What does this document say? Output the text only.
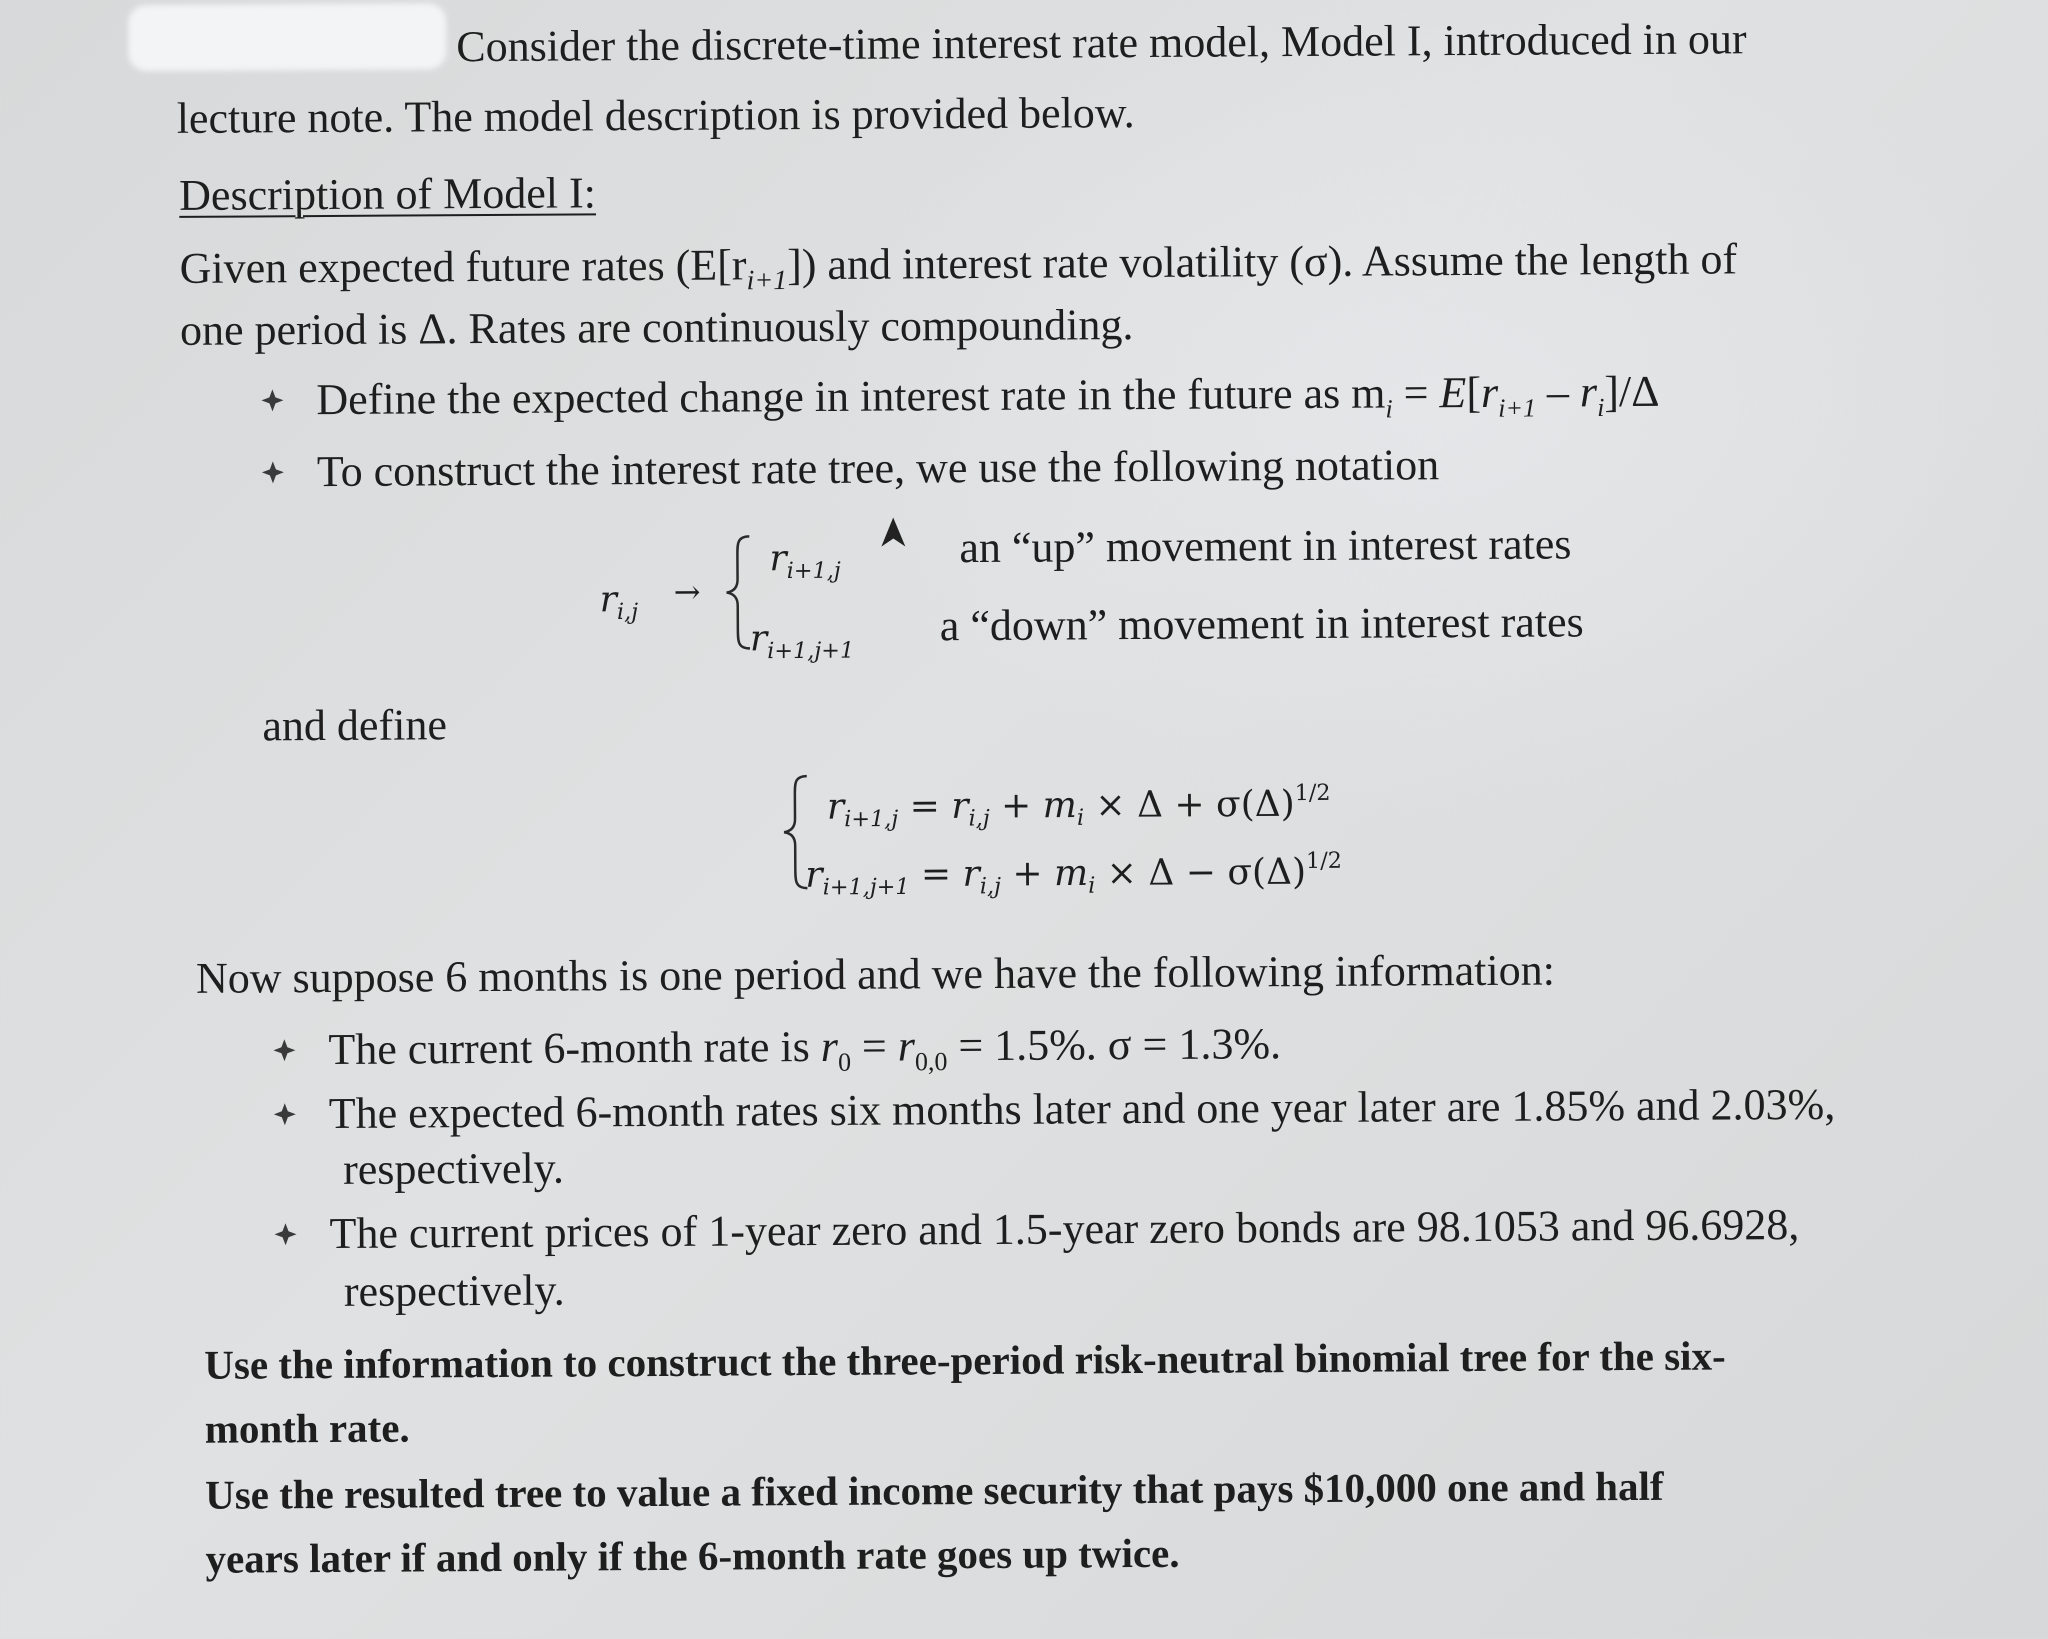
Consider the discrete-time interest rate model, Model I, introduced in our
lecture note. The model description is provided below.
Description of Model I:
Given expected future rates $(E[r_{i+1}])$ and interest rate volatility (σ). Assume the length of
one period is Δ. Rates are continuously compounding.
Define the expected change in interest rate in the future as $m_i = E[r_{i+1} - r_i]/\Delta$
To construct the interest rate tree, we use the following notation
$r_{i,j}$
→
$r_{i+1,j}$
$r_{i+1,j+1}$
an “up” movement in interest rates
a “down” movement in interest rates
and define
$r_{i+1,j} = r_{i,j} + m_i \times \Delta + \sigma(\Delta)^{1/2}$
$r_{i+1,j+1} = r_{i,j} + m_i \times \Delta - \sigma(\Delta)^{1/2}$
Now suppose 6 months is one period and we have the following information:
The current 6-month rate is $r_0 = r_{0,0} = 1.5\%$. σ = 1.3%.
The expected 6-month rates six months later and one year later are 1.85% and 2.03%,
respectively.
The current prices of 1-year zero and 1.5-year zero bonds are 98.1053 and 96.6928,
respectively.
Use the information to construct the three-period risk-neutral binomial tree for the six-
month rate.
Use the resulted tree to value a fixed income security that pays $10,000 one and half
years later if and only if the 6-month rate goes up twice.
